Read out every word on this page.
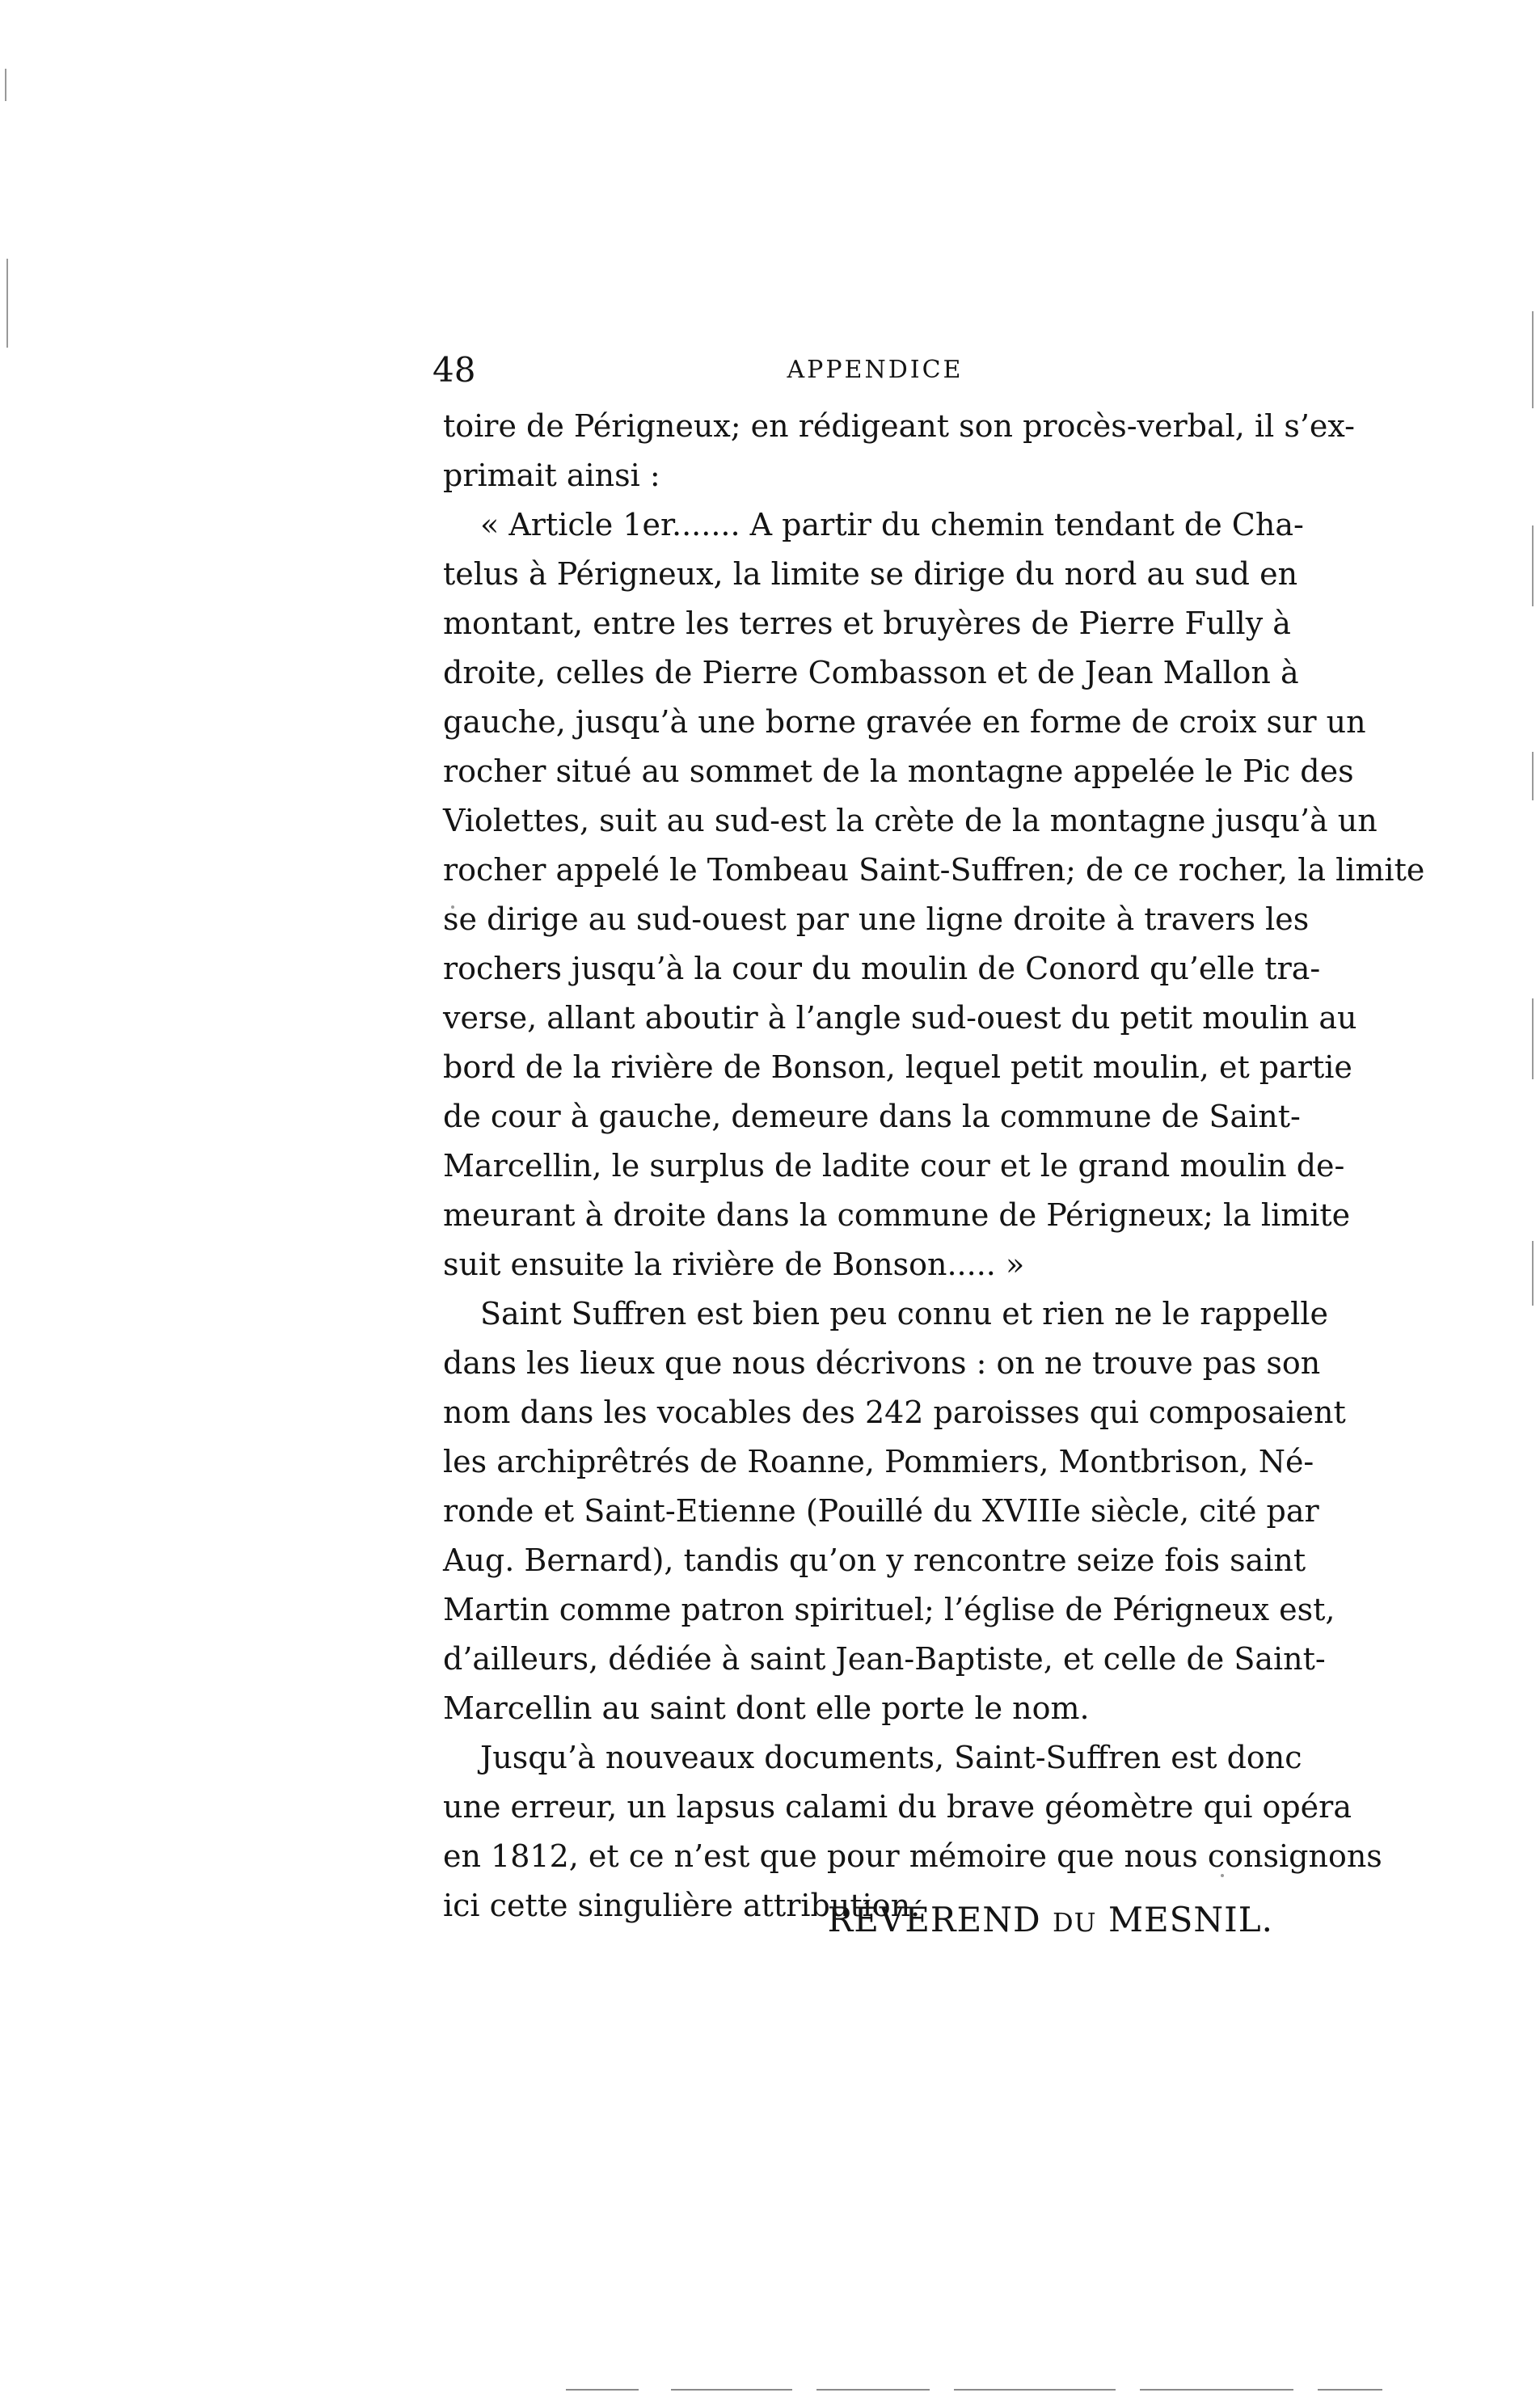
48	APPENDICE
toire de Périgneux; en rédigeant son procès-verbal, il s’ex-
primait ainsi :
« Article 1er....... A partir du chemin tendant de Cha-
telus à Périgneux, la limite se dirige du nord au sud en
montant, entre les terres et bruyères de Pierre Fully à
droite, celles de Pierre Combasson et de Jean Mallon à
gauche, jusqu’à une borne gravée en forme de croix sur un
rocher situé au sommet de la montagne appelée le Pic des
Violettes, suit au sud-est la crète de la montagne jusqu’à un
rocher appelé le Tombeau Saint-Suffren; de ce rocher, la limite
se dirige au sud-ouest par une ligne droite à travers les
rochers jusqu’à la cour du moulin de Conord qu’elle tra-
verse, allant aboutir à l’angle sud-ouest du petit moulin au
bord de la rivière de Bonson, lequel petit moulin, et partie
de cour à gauche, demeure dans la commune de Saint-
Marcellin, le surplus de ladite cour et le grand moulin de-
meurant à droite dans la commune de Périgneux; la limite
suit ensuite la rivière de Bonson..... »
Saint Suffren est bien peu connu et rien ne le rappelle
dans les lieux que nous décrivons : on ne trouve pas son
nom dans les vocables des 242 paroisses qui composaient
les archiprêtrés de Roanne, Pommiers, Montbrison, Né-
ronde et Saint-Etienne (Pouillé du XVIIIe siècle, cité par
Aug. Bernard), tandis qu’on y rencontre seize fois saint
Martin comme patron spirituel; l’église de Périgneux est,
d’ailleurs, dédiée à saint Jean-Baptiste, et celle de Saint-
Marcellin au saint dont elle porte le nom.
Jusqu’à nouveaux documents, Saint-Suffren est donc
une erreur, un lapsus calami du brave géomètre qui opéra
en 1812, et ce n’est que pour mémoire que nous consignons
ici cette singulière attribution.
RÉVÉREND DU MESNIL.
